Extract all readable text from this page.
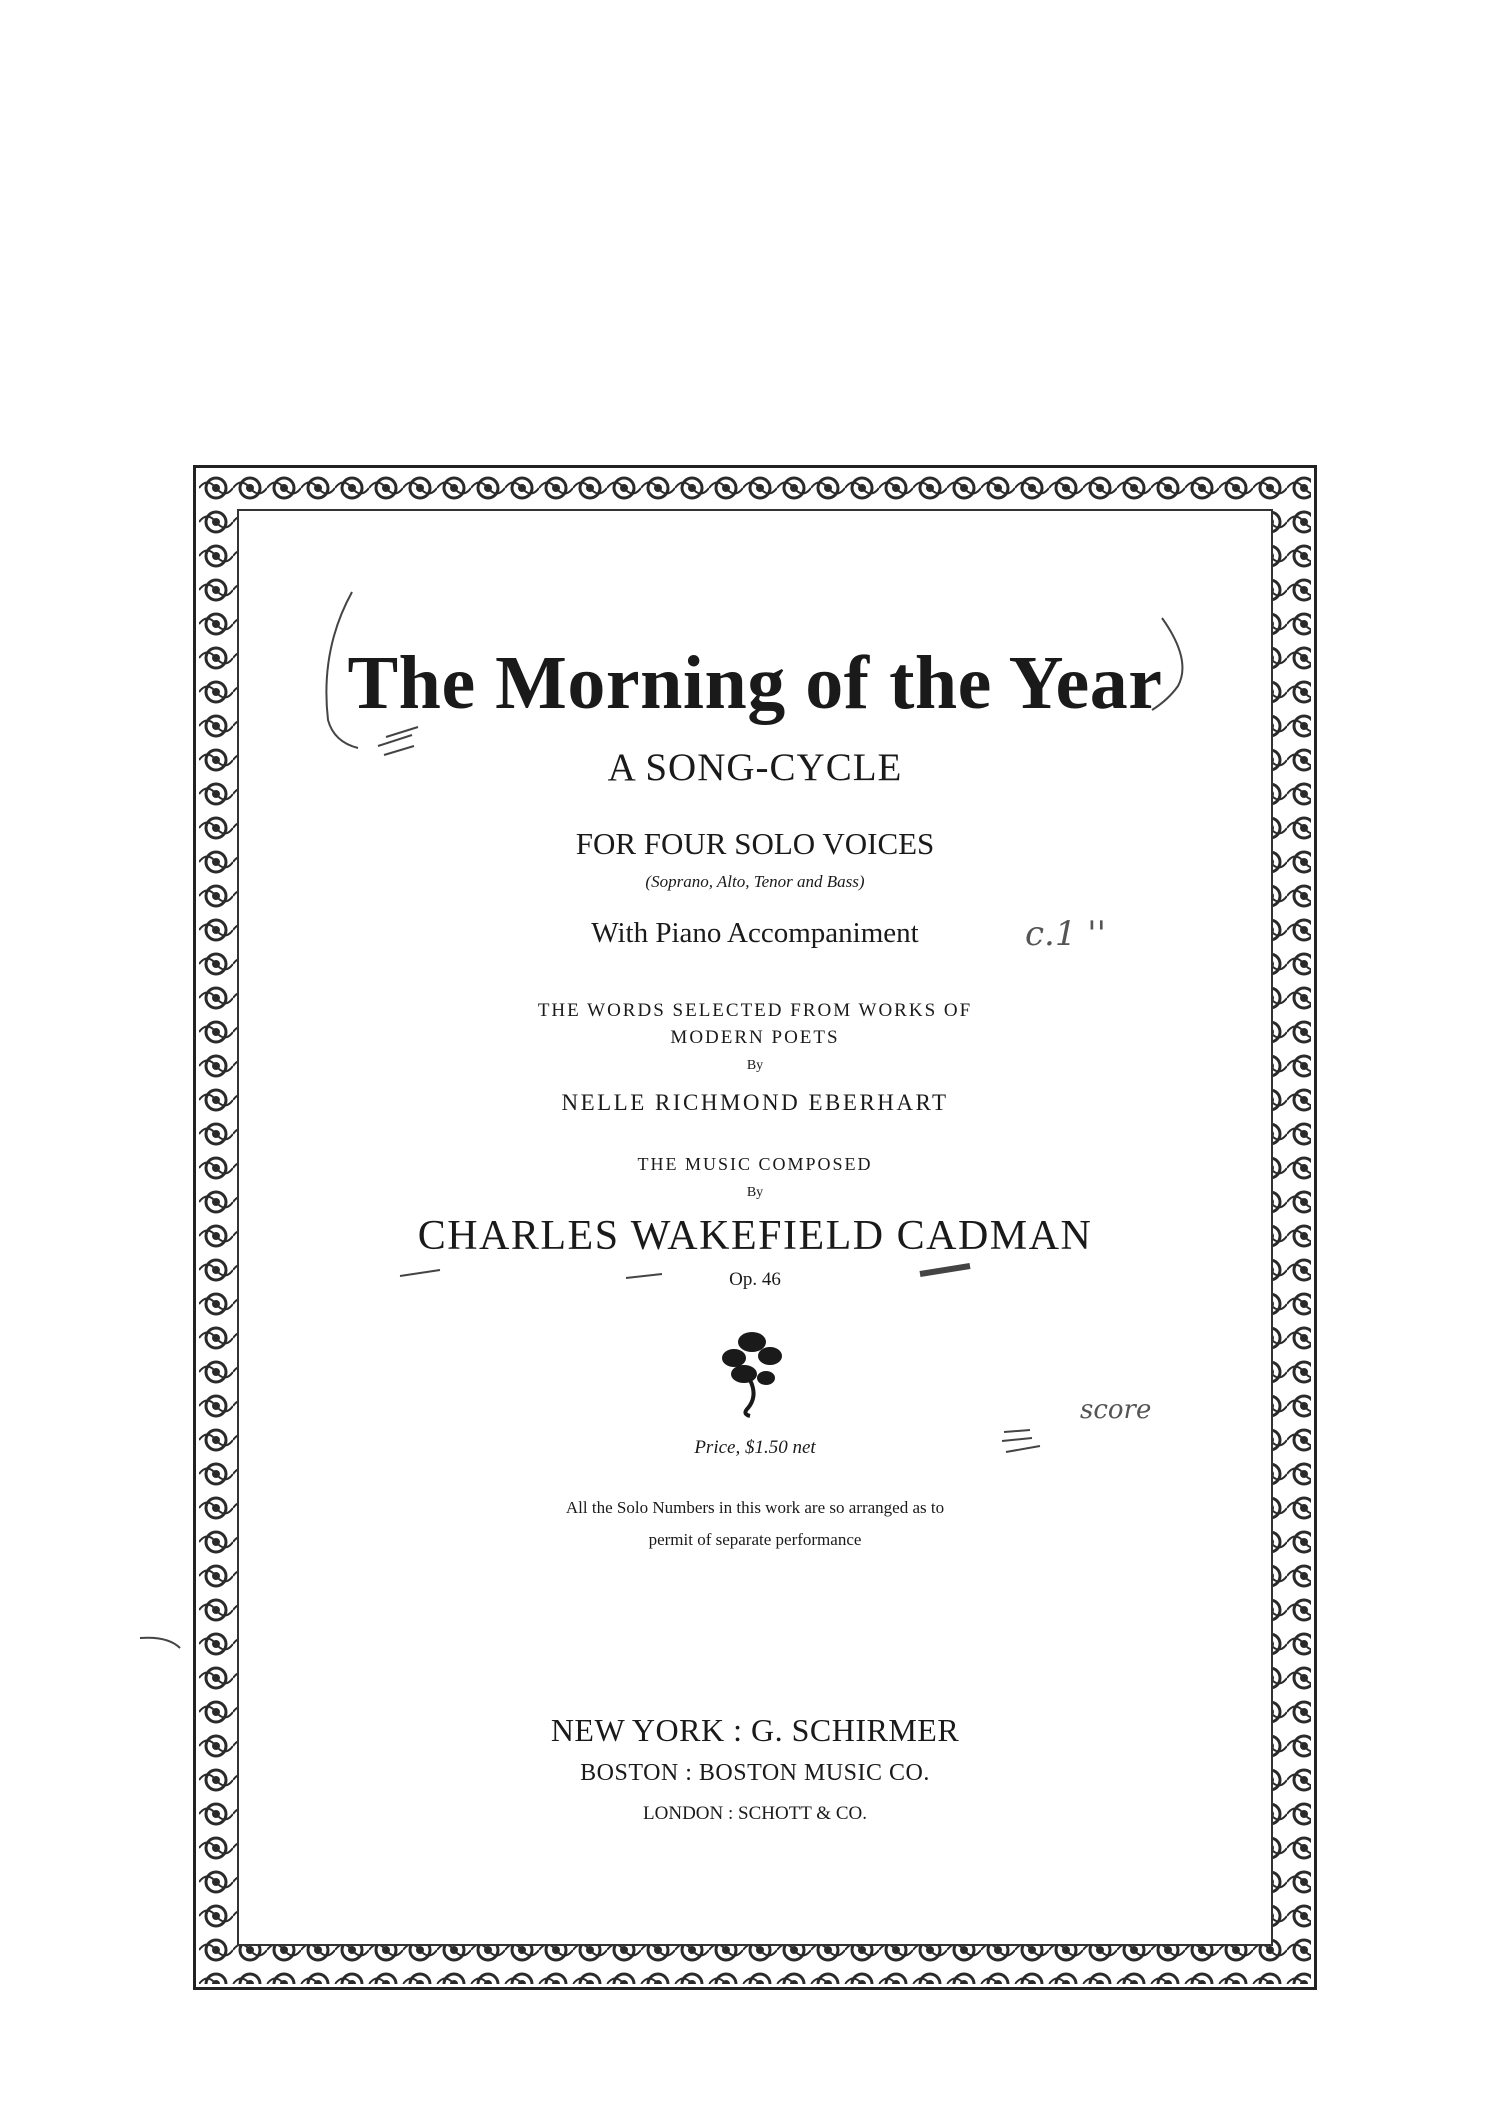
The Morning of the Year
A SONG-CYCLE
FOR FOUR SOLO VOICES
(Soprano, Alto, Tenor and Bass)
With Piano Accompaniment
THE WORDS SELECTED FROM WORKS OF
MODERN POETS
By
NELLE RICHMOND EBERHART
THE MUSIC COMPOSED
By
CHARLES WAKEFIELD CADMAN
Op. 46
Price, $1.50 net
All the Solo Numbers in this work are so arranged as to
permit of separate performance
NEW YORK : G. SCHIRMER
BOSTON : BOSTON MUSIC CO.
LONDON : SCHOTT & CO.
c.1 ''
score
